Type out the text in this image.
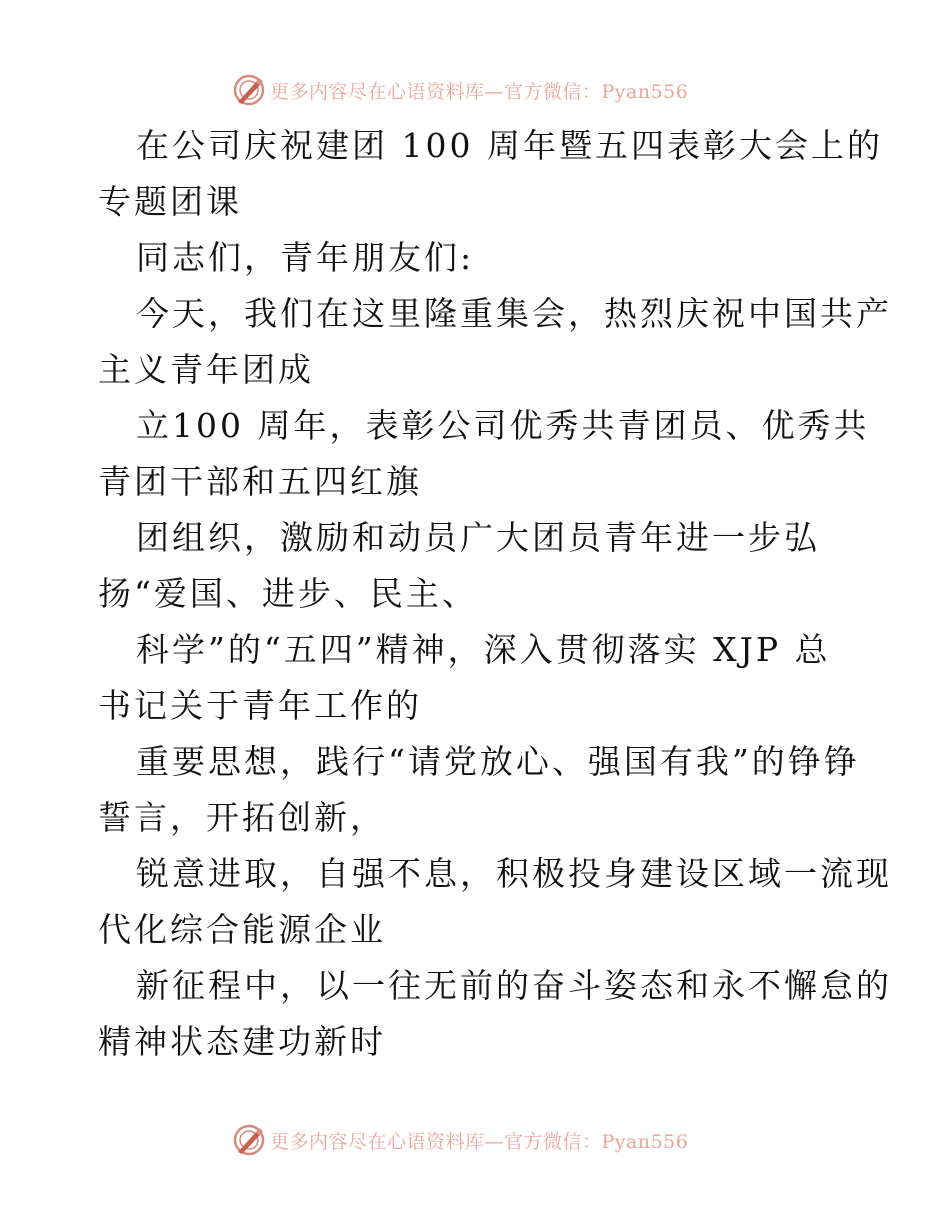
更多内容尽在心语资料库—官方微信：Pyan556

在公司庆祝建团 100 周年暨五四表彰大会上的

专题团课

同志们，青年朋友们:

今天，我们在这里隆重集会，热烈庆祝中国共产

主义青年团成

立100 周年，表彰公司优秀共青团员、优秀共

青团干部和五四红旗

团组织，激励和动员广大团员青年进一步弘

扬“爱国、进步、民主、

科学”的“五四”精神，深入贯彻落实 XJP 总

书记关于青年工作的

重要思想，践行“请党放心、强国有我”的铮铮

誓言，开拓创新，

锐意进取，自强不息，积极投身建设区域一流现

代化综合能源企业

新征程中，以一往无前的奋斗姿态和永不懈怠的

精神状态建功新时

更多内容尽在心语资料库—官方微信：Pyan556
